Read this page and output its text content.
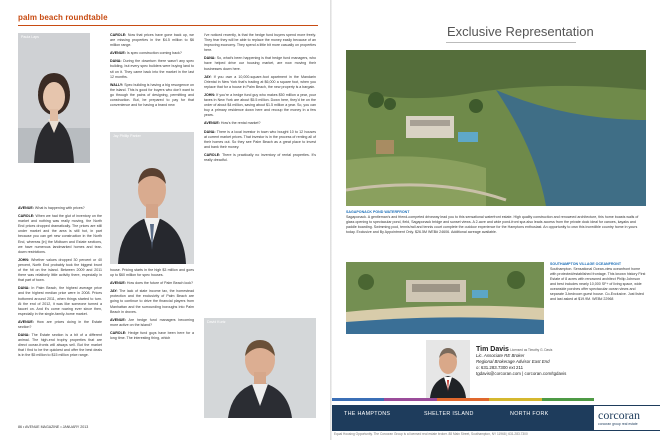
palm beach roundtable
Paula Laps

AVENUE: What is happening with prices?

CAROLE: When we had the glut of inventory on the market and nothing was really moving, the North End prices dropped dramatically. The prices are still under market and the area is still hot, in part because you can get new construction in the North End, whereas [in] the Midtown and Estate sections, we have numerous landmarked homes and tear-down restrictions.

JOHN: Whether values dropped 30 percent or 40 percent, North End probably took the biggest brunt of the hit on the island. Between 2009 and 2011 there was relatively little activity there, especially in that part of town.

DANA: In Palm Beach, the highest average price and the highest median price were in 2008. Prices bottomed around 2011, when things started to turn. At the end of 2012, it was like someone turned a faucet on. And it's come roaring ever since then, especially in the single-family-home market.

AVENUE: How are prices doing in the Estate section?

DANA: The Estate section is a bit of a different animal. The high-end trophy properties that are direct ocean-fronts will always sell. But the market that I find to be the quickest and offer the best deals is in the $5 million to $15 million price range.

CAROLE: Now that prices have gone back up, we are missing properties in the $4.5 million to $6 million range.

AVENUE: Is spec construction coming back?

DANA: During the downturn there wasn't any spec building, but every spec builders were buying land to sit on it. They came back into the market in the last 12 months.

WALLY: Spec building is having a big resurgence on the island. This is good for buyers who don't want to go through the pains of designing, permitting and construction. But, be prepared to pay for that convenience and for having a brand new

Jay Phillip Parker

house. Pricing starts in the high $3 million and goes up to $60 million for spec houses.

AVENUE: How does the future of Palm Beach look?

JAY: The lack of state income tax, the homestead protection and the exclusivity of Palm Beach are going to continue to drive the financial players from Manhattan and the surrounding boroughs into Palm Beach in droves.

AVENUE: Are hedge fund managers becoming more active on the island?

CAROLE: Hedge fund guys have been here for a long time. The interesting thing, which

I've noticed recently, is that the hedge fund buyers spend more freely. They fear they will be able to replace the money easily because of an improving economy. They spend a little bit more casually on properties here.

DANA: So, what's been happening is that hedge fund managers, who have helped drive our housing market, are now moving their businesses down here.

JAY: If you own a 10,000-square-foot apartment in the Mandarin Oriental in New York that's trading at $6,000 a square foot, when you replace that for a house in Palm Beach, the new property is a bargain.

JOHN: If you're a hedge fund guy who makes $50 million a year, your taxes in New York are about $5.5 million. Down here, they'd be on the order of about $4 million, saving about $1.5 million a year. So, you can buy a primary residence down here and recoup the money in a few years.

AVENUE: How's the rental market?

DANA: There is a local investor in town who bought 10 to 12 houses at current market prices. That investor is in the process of renting all of their homes out. So they see Palm Beach as a great place to invest and bank their money.

CAROLE: There is practically no inventory of rental properties. It's really dreadful.

David Kurtz
86 • AVENUE MAGAZINE • JANUARY 2013
Exclusive Representation
SAGAPONACK POND WATERFRONT
Sagaponack. A gentleman's and friend-competed driveway lead you to this sensational waterfront estate. High quality construction and renowned architecture, this home boasts walls of glass opening to spectacular pond, field, Sagaponack bridge and sunset views. A 2-acre and wide pond-front spa also leads access from the private dock ideal for canoes, kayaks and paddle boarding. Swimming pool, tennis/rail and tennis court complete the outdoor experience for the Hamptons enthusiast. An opportunity to own this incredible country home in yours today. Exclusive and By Appointment Only. $26.5M WEB# 24606. Additional acreage available.
SOUTHAMPTON VILLAGE OCEANFRONT
Southampton. Sensational Ocean-view oceanfront home with protected/established frontage. This known history First Estate of 8 acres with renowned architect Philip Johnson and best includes nearly 10,000 SF+ of living space, wide oceanside porches offer spectacular ocean views and separate 3-bedroom guest house. Co-Exclusive. Just listed and last asked at $19.9M. WEB# 22968
Tim Davis Licensed as Timothy G. Davis
Lic. Associate RE Broker
Regional Brokerage Advisor East End
o: 631.283.7300 ext 211
tgdavis@corcoran.com | corcoran.com/tgdavis
THE HAMPTONS	SHELTER ISLAND	NORTH FORK	corcoran
corcoran group real estate
Equal Housing Opportunity. The Corcoran Group is a licensed real estate broker. 88 Main Street, Southampton, NY 11968 | 631.283.7300
